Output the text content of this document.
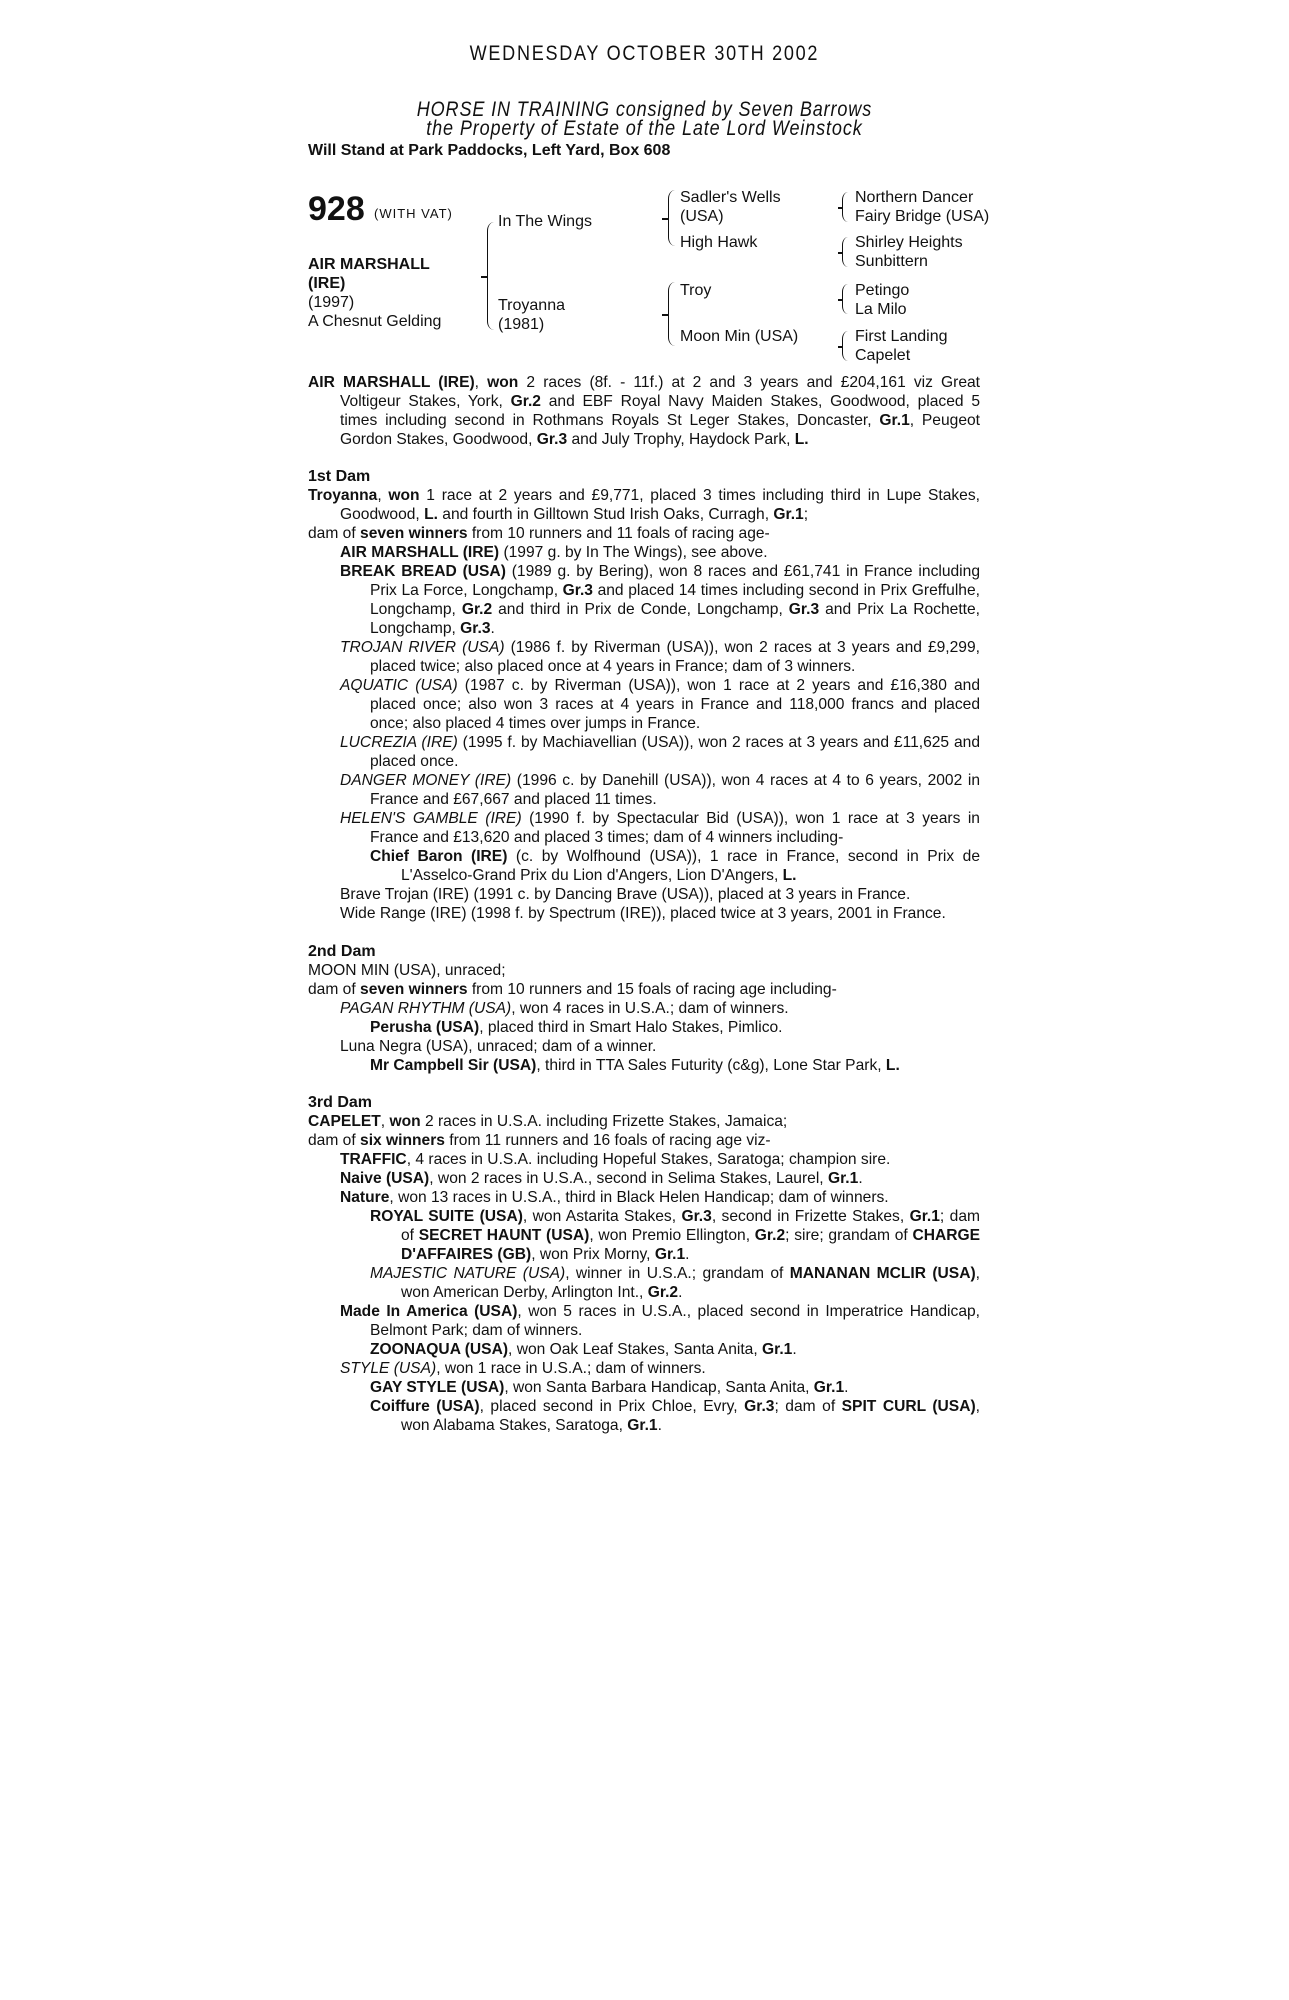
WEDNESDAY OCTOBER 30TH 2002
HORSE IN TRAINING consigned by Seven Barrows
the Property of Estate of the Late Lord Weinstock
Will Stand at Park Paddocks, Left Yard, Box 608
928 (WITH VAT)
AIR MARSHALL
(IRE)
(1997)
A Chesnut Gelding
In The Wings
Troyanna
(1981)
Sadler's Wells
(USA)
High Hawk
Troy
Moon Min (USA)
Northern Dancer
Fairy Bridge (USA)
Shirley Heights
Sunbittern
Petingo
La Milo
First Landing
Capelet

AIR MARSHALL (IRE), won 2 races (8f. - 11f.) at 2 and 3 years and £204,161 viz Great Voltigeur Stakes, York, Gr.2 and EBF Royal Navy Maiden Stakes, Goodwood, placed 5 times including second in Rothmans Royals St Leger Stakes, Doncaster, Gr.1, Peugeot Gordon Stakes, Goodwood, Gr.3 and July Trophy, Haydock Park, L.

1st Dam

Troyanna, won 1 race at 2 years and £9,771, placed 3 times including third in Lupe Stakes, Goodwood, L. and fourth in Gilltown Stud Irish Oaks, Curragh, Gr.1;

dam of seven winners from 10 runners and 11 foals of racing age-

AIR MARSHALL (IRE) (1997 g. by In The Wings), see above.

BREAK BREAD (USA) (1989 g. by Bering), won 8 races and £61,741 in France including Prix La Force, Longchamp, Gr.3 and placed 14 times including second in Prix Greffulhe, Longchamp, Gr.2 and third in Prix de Conde, Longchamp, Gr.3 and Prix La Rochette, Longchamp, Gr.3.

TROJAN RIVER (USA) (1986 f. by Riverman (USA)), won 2 races at 3 years and £9,299, placed twice; also placed once at 4 years in France; dam of 3 winners.

AQUATIC (USA) (1987 c. by Riverman (USA)), won 1 race at 2 years and £16,380 and placed once; also won 3 races at 4 years in France and 118,000 francs and placed once; also placed 4 times over jumps in France.

LUCREZIA (IRE) (1995 f. by Machiavellian (USA)), won 2 races at 3 years and £11,625 and placed once.

DANGER MONEY (IRE) (1996 c. by Danehill (USA)), won 4 races at 4 to 6 years, 2002 in France and £67,667 and placed 11 times.

HELEN'S GAMBLE (IRE) (1990 f. by Spectacular Bid (USA)), won 1 race at 3 years in France and £13,620 and placed 3 times; dam of 4 winners including-

Chief Baron (IRE) (c. by Wolfhound (USA)), 1 race in France, second in Prix de L'Asselco-Grand Prix du Lion d'Angers, Lion D'Angers, L.

Brave Trojan (IRE) (1991 c. by Dancing Brave (USA)), placed at 3 years in France.

Wide Range (IRE) (1998 f. by Spectrum (IRE)), placed twice at 3 years, 2001 in France.

2nd Dam

MOON MIN (USA), unraced;

dam of seven winners from 10 runners and 15 foals of racing age including-

PAGAN RHYTHM (USA), won 4 races in U.S.A.; dam of winners.

Perusha (USA), placed third in Smart Halo Stakes, Pimlico.

Luna Negra (USA), unraced; dam of a winner.

Mr Campbell Sir (USA), third in TTA Sales Futurity (c&g), Lone Star Park, L.

3rd Dam

CAPELET, won 2 races in U.S.A. including Frizette Stakes, Jamaica;

dam of six winners from 11 runners and 16 foals of racing age viz-

TRAFFIC, 4 races in U.S.A. including Hopeful Stakes, Saratoga; champion sire.

Naive (USA), won 2 races in U.S.A., second in Selima Stakes, Laurel, Gr.1.

Nature, won 13 races in U.S.A., third in Black Helen Handicap; dam of winners.

ROYAL SUITE (USA), won Astarita Stakes, Gr.3, second in Frizette Stakes, Gr.1; dam of SECRET HAUNT (USA), won Premio Ellington, Gr.2; sire; grandam of CHARGE D'AFFAIRES (GB), won Prix Morny, Gr.1.

MAJESTIC NATURE (USA), winner in U.S.A.; grandam of MANANAN MCLIR (USA), won American Derby, Arlington Int., Gr.2.

Made In America (USA), won 5 races in U.S.A., placed second in Imperatrice Handicap, Belmont Park; dam of winners.

ZOONAQUA (USA), won Oak Leaf Stakes, Santa Anita, Gr.1.

STYLE (USA), won 1 race in U.S.A.; dam of winners.

GAY STYLE (USA), won Santa Barbara Handicap, Santa Anita, Gr.1.

Coiffure (USA), placed second in Prix Chloe, Evry, Gr.3; dam of SPIT CURL (USA), won Alabama Stakes, Saratoga, Gr.1.
